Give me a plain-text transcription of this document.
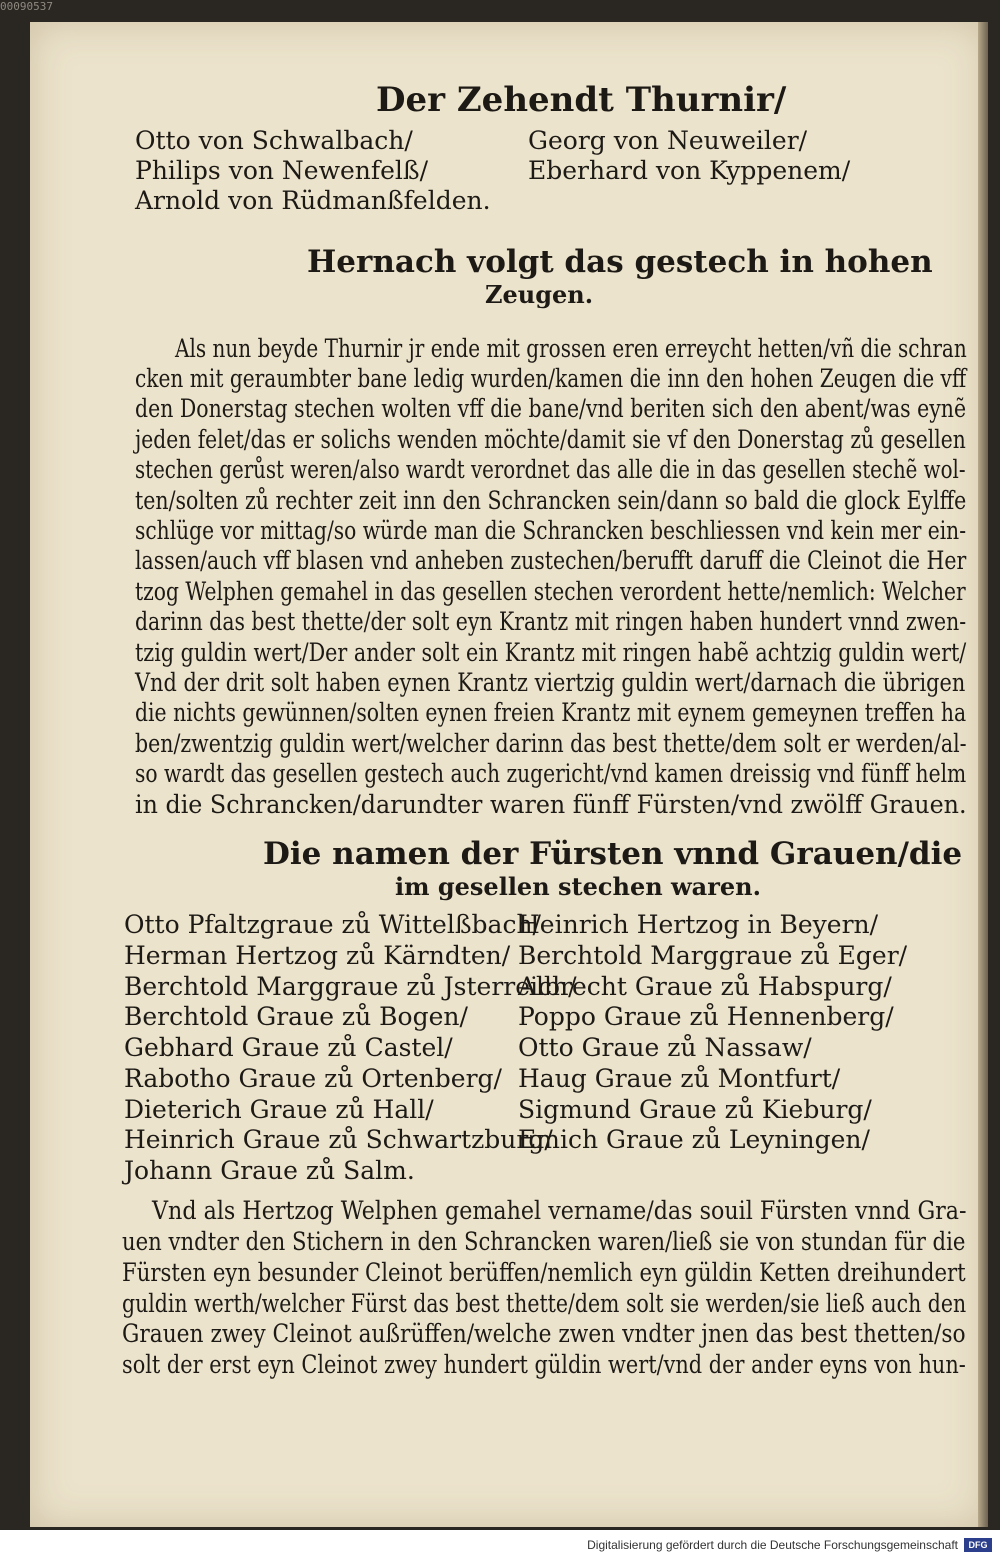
00090537
Der Zehendt Thurnir/
Otto von Schwalbach/
Philips von Newenfelß/
Arnold von Rüdmanßfelden.
Georg von Neuweiler/
Eberhard von Kyppenem/
Hernach volgt das gestech in hohen
Zeugen.
Als nun beyde Thurnir jr ende mit grossen eren erreycht hetten/vñ die schran
cken mit geraumbter bane ledig wurden/kamen die inn den hohen Zeugen die vff
den Donerstag stechen wolten vff die bane/vnd beriten sich den abent/was eynẽ
jeden felet/das er solichs wenden möchte/damit sie vf den Donerstag zů gesellen
stechen gerůst weren/also wardt verordnet das alle die in das gesellen stechẽ wol-
ten/solten zů rechter zeit inn den Schrancken sein/dann so bald die glock Eylffe
schlüge vor mittag/so würde man die Schrancken beschliessen vnd kein mer ein-
lassen/auch vff blasen vnd anheben zustechen/berufft daruff die Cleinot die Her
tzog Welphen gemahel in das gesellen stechen verordent hette/nemlich: Welcher
darinn das best thette/der solt eyn Krantz mit ringen haben hundert vnnd zwen-
tzig guldin wert/Der ander solt ein Krantz mit ringen habẽ achtzig guldin wert/
Vnd der drit solt haben eynen Krantz viertzig guldin wert/darnach die übrigen
die nichts gewünnen/solten eynen freien Krantz mit eynem gemeynen treffen ha
ben/zwentzig guldin wert/welcher darinn das best thette/dem solt er werden/al-
so wardt das gesellen gestech auch zugericht/vnd kamen dreissig vnd fünff helm
in die Schrancken/darundter waren fünff Fürsten/vnd zwölff Grauen.
Die namen der Fürsten vnnd Grauen/die
im gesellen stechen waren.
Otto Pfaltzgraue zů Wittelßbach/
Herman Hertzog zů Kärndten/
Berchtold Marggraue zů Jsterreich/
Berchtold Graue zů Bogen/
Gebhard Graue zů Castel/
Rabotho Graue zů Ortenberg/
Dieterich Graue zů Hall/
Heinrich Graue zů Schwartzburg/
Johann Graue zů Salm.
Heinrich Hertzog in Beyern/
Berchtold Marggraue zů Eger/
Albrecht Graue zů Habspurg/
Poppo Graue zů Hennenberg/
Otto Graue zů Nassaw/
Haug Graue zů Montfurt/
Sigmund Graue zů Kieburg/
Emich Graue zů Leyningen/
Vnd als Hertzog Welphen gemahel vername/das souil Fürsten vnnd Gra-
uen vndter den Stichern in den Schrancken waren/ließ sie von stundan für die
Fürsten eyn besunder Cleinot berüffen/nemlich eyn güldin Ketten dreihundert
guldin werth/welcher Fürst das best thette/dem solt sie werden/sie ließ auch den
Grauen zwey Cleinot außrüffen/welche zwen vndter jnen das best thetten/so
solt der erst eyn Cleinot zwey hundert güldin wert/vnd der ander eyns von hun-
Digitalisierung gefördert durch die Deutsche Forschungsgemeinschaft	DFG
